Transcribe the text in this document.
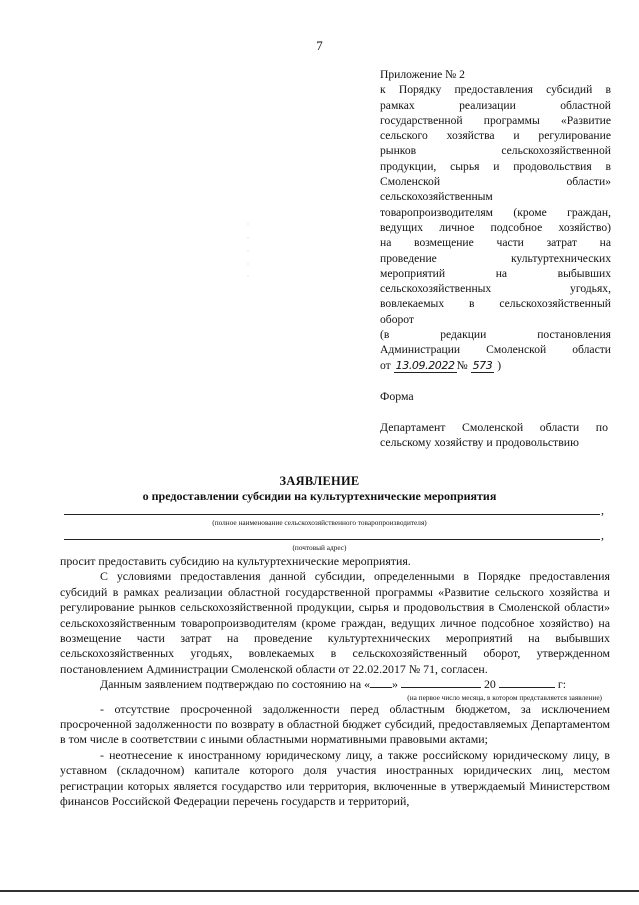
7
Приложение № 2
к Порядку предоставления субсидий в
рамках реализации областной
государственной программы «Развитие
сельского хозяйства и регулирование
рынков сельскохозяйственной
продукции, сырья и продовольствия в
Смоленской области»
сельскохозяйственным
товаропроизводителям (кроме граждан,
ведущих личное подсобное хозяйство)
на возмещение части затрат на
проведение культуртехнических
мероприятий на выбывших
сельскохозяйственных угодьях,
вовлекаемых в сельскохозяйственный
оборот
(в редакции постановления
Администрации Смоленской области
от 13.09.2022 № 573 )
Форма
Департамент Смоленской области по сельскому хозяйству и продовольствию
ЗАЯВЛЕНИЕ
о предоставлении субсидии на культуртехнические мероприятия
,
(полное наименование сельскохозяйственного товаропроизводителя)
,
(почтовый адрес)

просит предоставить субсидию на культуртехнические мероприятия.

С условиями предоставления данной субсидии, определенными в Порядке предоставления субсидий в рамках реализации областной государственной программы «Развитие сельского хозяйства и регулирование рынков сельскохозяйственной продукции, сырья и продовольствия в Смоленской области» сельскохозяйственным товаропроизводителям (кроме граждан, ведущих личное подсобное хозяйство) на возмещение части затрат на проведение культуртехнических мероприятий на выбывших сельскохозяйственных угодьях, вовлекаемых в сельскохозяйственный оборот, утвержденном постановлением Администрации Смоленской области от 22.02.2017 № 71, согласен.

Данным заявлением подтверждаю по состоянию на « »	20	г:

(на первое число месяца, в котором представляется заявление)

- отсутствие просроченной задолженности перед областным бюджетом, за исключением просроченной задолженности по возврату в областной бюджет субсидий, предоставляемых Департаментом в том числе в соответствии с иными областными нормативными правовыми актами;

- неотнесение к иностранному юридическому лицу, а также российскому юридическому лицу, в уставном (складочном) капитале которого доля участия иностранных юридических лиц, местом регистрации которых является государство или территория, включенные в утверждаемый Министерством финансов Российской Федерации перечень государств и территорий,
